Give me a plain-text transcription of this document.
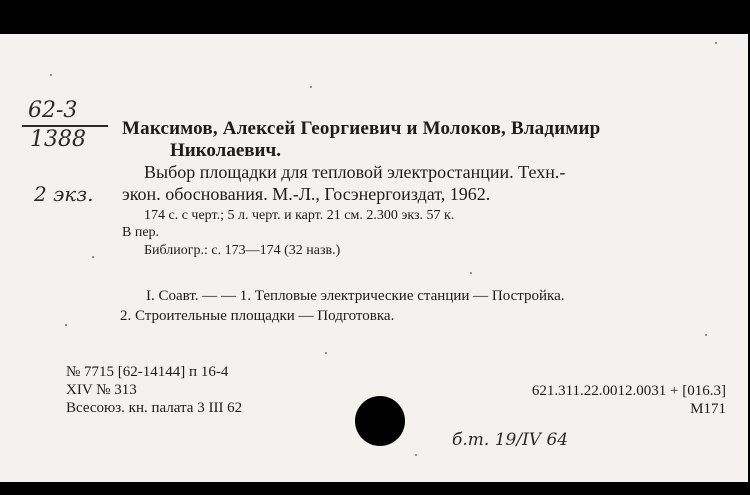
62-3
1388
2 экз.
Максимов, Алексей Георгиевич и Молоков, Владимир
Николаевич.
Выбор площадки для тепловой электростанции. Техн.-
экон. обоснования. М.-Л., Госэнергоиздат, 1962.
174 с. с черт.; 5 л. черт. и карт. 21 см. 2.300 экз. 57 к.
В пер.
Библиогр.: с. 173—174 (32 назв.)
I. Соавт. — — 1. Тепловые электрические станции — Постройка.
2. Строительные площадки — Подготовка.
№ 7715 [62-14144] п 16-4
XIV № 313
Всесоюз. кн. палата 3 III 62
621.311.22.0012.0031 + [016.3]
М171
б.т. 19/IV 64
